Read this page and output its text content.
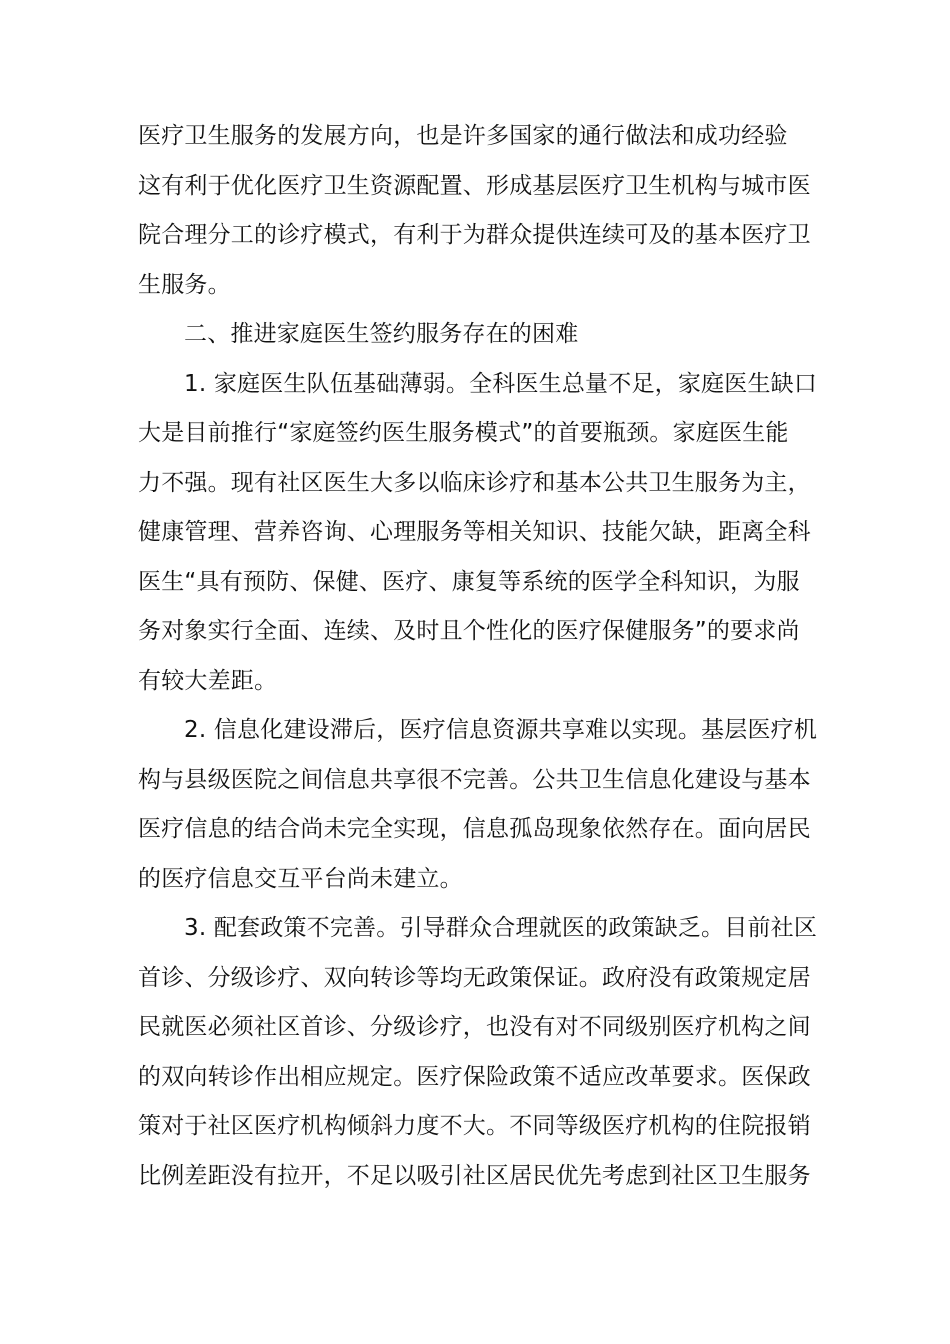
医疗卫生服务的发展方向，也是许多国家的通行做法和成功经验
这有利于优化医疗卫生资源配置、形成基层医疗卫生机构与城市医
院合理分工的诊疗模式，有利于为群众提供连续可及的基本医疗卫
生服务。
二、推进家庭医生签约服务存在的困难
1. 家庭医生队伍基础薄弱。全科医生总量不足，家庭医生缺口
大是目前推行“家庭签约医生服务模式”的首要瓶颈。家庭医生能
力不强。现有社区医生大多以临床诊疗和基本公共卫生服务为主，
健康管理、营养咨询、心理服务等相关知识、技能欠缺，距离全科
医生“具有预防、保健、医疗、康复等系统的医学全科知识，为服
务对象实行全面、连续、及时且个性化的医疗保健服务”的要求尚
有较大差距。
2. 信息化建设滞后，医疗信息资源共享难以实现。基层医疗机
构与县级医院之间信息共享很不完善。公共卫生信息化建设与基本
医疗信息的结合尚未完全实现，信息孤岛现象依然存在。面向居民
的医疗信息交互平台尚未建立。
3. 配套政策不完善。引导群众合理就医的政策缺乏。目前社区
首诊、分级诊疗、双向转诊等均无政策保证。政府没有政策规定居
民就医必须社区首诊、分级诊疗，也没有对不同级别医疗机构之间
的双向转诊作出相应规定。医疗保险政策不适应改革要求。医保政
策对于社区医疗机构倾斜力度不大。不同等级医疗机构的住院报销
比例差距没有拉开，不足以吸引社区居民优先考虑到社区卫生服务
